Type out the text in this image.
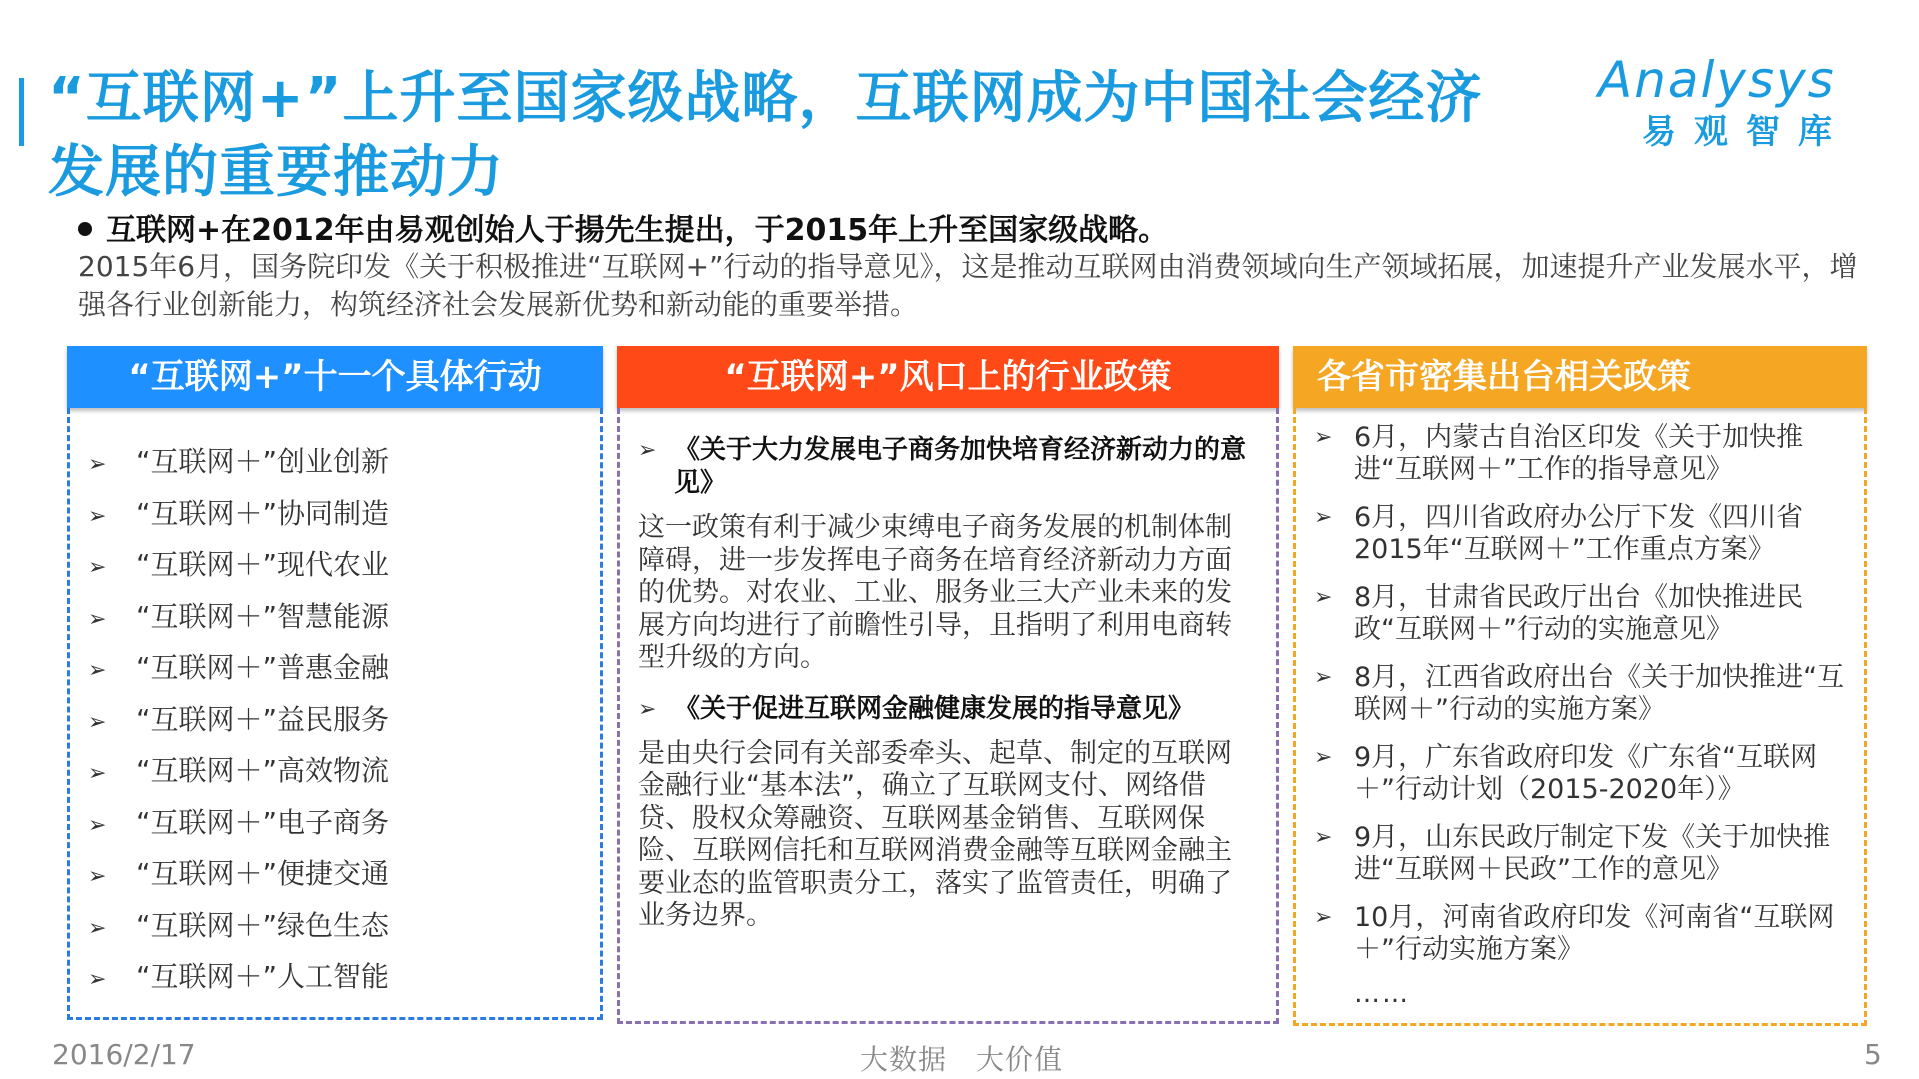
“互联网+”上升至国家级战略，互联网成为中国社会经济发展的重要推动力
Analysys
易观智库
互联网+在2012年由易观创始人于揚先生提出，于2015年上升至国家级战略。
2015年6月，国务院印发《关于积极推进“互联网+”行动的指导意见》，这是推动互联网由消费领域向生产领域拓展，加速提升产业发展水平，增强各行业创新能力，构筑经济社会发展新优势和新动能的重要举措。
“互联网+”十一个具体行动
➢ “互联网＋”创业创新
➢ “互联网＋”协同制造
➢ “互联网＋”现代农业
➢ “互联网＋”智慧能源
➢ “互联网＋”普惠金融
➢ “互联网＋”益民服务
➢ “互联网＋”高效物流
➢ “互联网＋”电子商务
➢ “互联网＋”便捷交通
➢ “互联网＋”绿色生态
➢ “互联网＋”人工智能
“互联网+”风口上的行业政策
➢ 《关于大力发展电子商务加快培育经济新动力的意见》
这一政策有利于减少束缚电子商务发展的机制体制障碍，进一步发挥电子商务在培育经济新动力方面的优势。对农业、工业、服务业三大产业未来的发展方向均进行了前瞻性引导，且指明了利用电商转型升级的方向。
➢ 《关于促进互联网金融健康发展的指导意见》
是由央行会同有关部委牵头、起草、制定的互联网金融行业“基本法”，确立了互联网支付、网络借贷、股权众筹融资、互联网基金销售、互联网保险、互联网信托和互联网消费金融等互联网金融主要业态的监管职责分工，落实了监管责任，明确了业务边界。
各省市密集出台相关政策
➢ 6月，内蒙古自治区印发《关于加快推进“互联网＋”工作的指导意见》
➢ 6月，四川省政府办公厅下发《四川省2015年“互联网＋”工作重点方案》
➢ 8月，甘肃省民政厅出台《加快推进民政“互联网＋”行动的实施意见》
➢ 8月，江西省政府出台《关于加快推进“互联网＋”行动的实施方案》
➢ 9月，广东省政府印发《广东省“互联网＋”行动计划（2015-2020年）》
➢ 9月，山东民政厅制定下发《关于加快推进“互联网＋民政”工作的意见》
➢ 10月，河南省政府印发《河南省“互联网＋”行动实施方案》
……
2016/2/17	大数据　大价值	5
